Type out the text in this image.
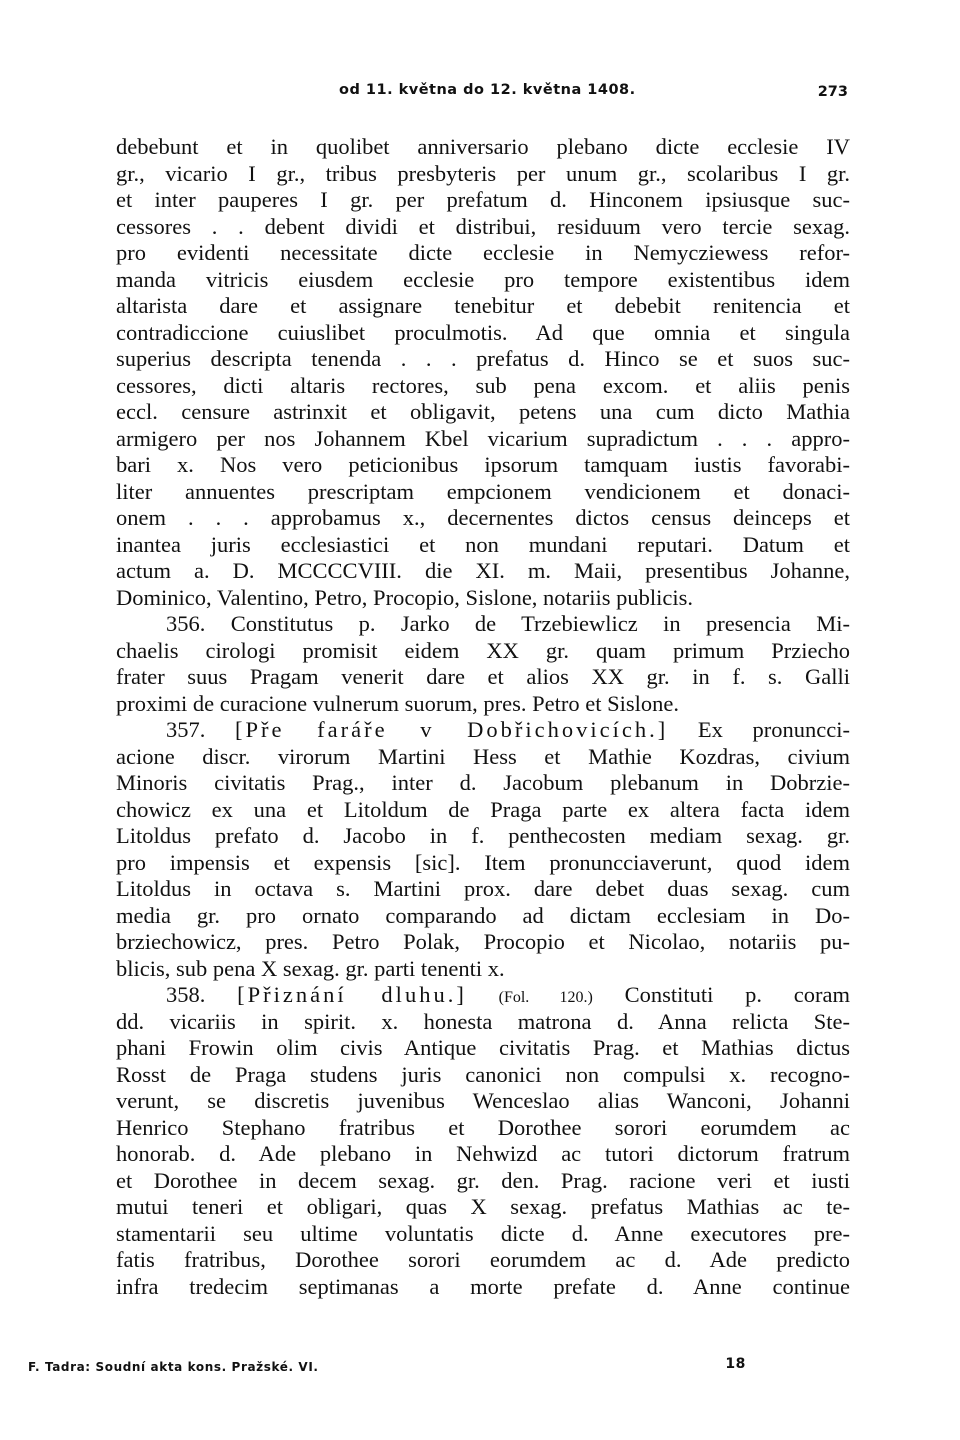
od 11. května do 12. května 1408.	273
debebunt et in quolibet anniversario plebano dicte ecclesie IV
gr., vicario I gr., tribus presbyteris per unum gr., scolaribus I gr.
et inter pauperes I gr. per prefatum d. Hinconem ipsiusque suc-
cessores . . debent dividi et distribui, residuum vero tercie sexag.
pro evidenti necessitate dicte ecclesie in Nemycziewess refor-
manda vitricis eiusdem ecclesie pro tempore existentibus idem
altarista dare et assignare tenebitur et debebit renitencia et
contradiccione cuiuslibet proculmotis. Ad que omnia et singula
superius descripta tenenda . . . prefatus d. Hinco se et suos suc-
cessores, dicti altaris rectores, sub pena excom. et aliis penis
eccl. censure astrinxit et obligavit, petens una cum dicto Mathia
armigero per nos Johannem Kbel vicarium supradictum . . . appro-
bari x. Nos vero peticionibus ipsorum tamquam iustis favorabi-
liter annuentes prescriptam empcionem vendicionem et donaci-
onem . . . approbamus x., decernentes dictos census deinceps et
inantea juris ecclesiastici et non mundani reputari. Datum et
actum a. D. MCCCCVIII. die XI. m. Maii, presentibus Johanne,
Dominico, Valentino, Petro, Procopio, Sislone, notariis publicis.
356. Constitutus p. Jarko de Trzebiewlicz in presencia Mi-
chaelis cirologi promisit eidem XX gr. quam primum Prziecho
frater suus Pragam venerit dare et alios XX gr. in f. s. Galli
proximi de curacione vulnerum suorum, pres. Petro et Sislone.
357. [Pře faráře v Dobřichovicích.] Ex pronuncci-
acione discr. virorum Martini Hess et Mathie Kozdras, civium
Minoris civitatis Prag., inter d. Jacobum plebanum in Dobrzie-
chowicz ex una et Litoldum de Praga parte ex altera facta idem
Litoldus prefato d. Jacobo in f. penthecosten mediam sexag. gr.
pro impensis et expensis [sic]. Item pronuncciaverunt, quod idem
Litoldus in octava s. Martini prox. dare debet duas sexag. cum
media gr. pro ornato comparando ad dictam ecclesiam in Do-
brziechowicz, pres. Petro Polak, Procopio et Nicolao, notariis pu-
blicis, sub pena X sexag. gr. parti tenenti x.
358. [Přiznání dluhu.] (Fol. 120.) Constituti p. coram
dd. vicariis in spirit. x. honesta matrona d. Anna relicta Ste-
phani Frowin olim civis Antique civitatis Prag. et Mathias dictus
Rosst de Praga studens juris canonici non compulsi x. recogno-
verunt, se discretis juvenibus Wenceslao alias Wanconi, Johanni
Henrico Stephano fratribus et Dorothee sorori eorumdem ac
honorab. d. Ade plebano in Nehwizd ac tutori dictorum fratrum
et Dorothee in decem sexag. gr. den. Prag. racione veri et iusti
mutui teneri et obligari, quas X sexag. prefatus Mathias ac te-
stamentarii seu ultime voluntatis dicte d. Anne executores pre-
fatis fratribus, Dorothee sorori eorumdem ac d. Ade predicto
infra tredecim septimanas a morte prefate d. Anne continue
F. Tadra: Soudní akta kons. Pražské. VI.	18
